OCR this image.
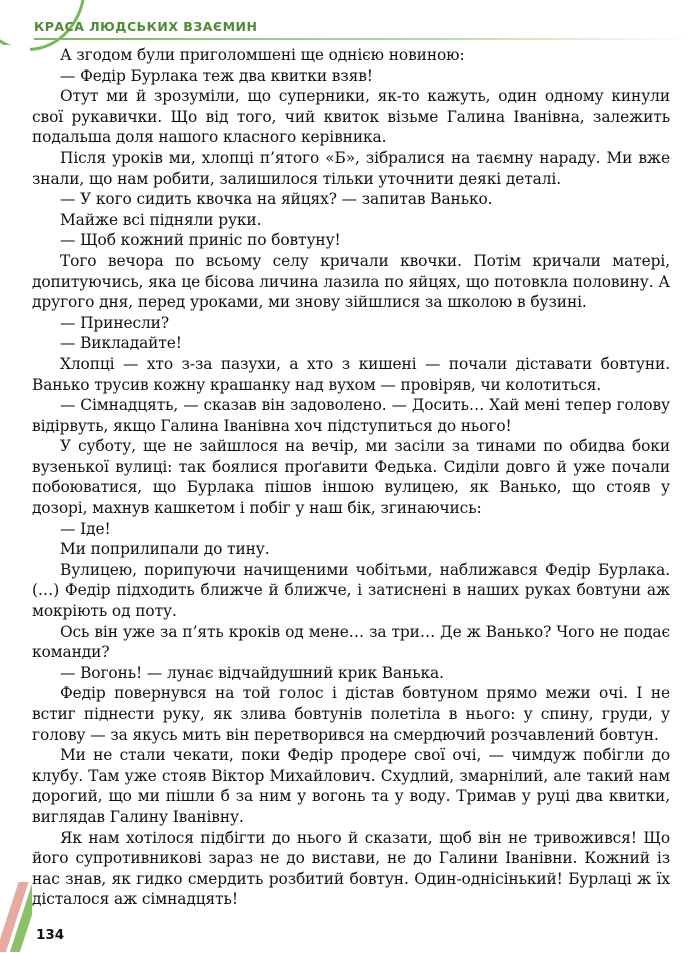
КРАСА ЛЮДСЬКИХ ВЗАЄМИН

А згодом були приголомшені ще однією новиною:

— Федір Бурлака теж два квитки взяв!

Отут ми й зрозуміли, що суперники, як-то кажуть, один одному кинули свої рукавички. Що від того, чий квиток візьме Галина Іванівна, залежить подальша доля нашого класного керівника.

Після уроків ми, хлопці п’ятого «Б», зібралися на таємну нараду. Ми вже знали, що нам робити, залишилося тільки уточнити деякі деталі.

— У кого сидить квочка на яйцях? — запитав Ванько.

Майже всі підняли руки.

— Щоб кожний приніс по бовтуну!

Того вечора по всьому селу кричали квочки. Потім кричали матері, допитуючись, яка це бісова личина лазила по яйцях, що потовкла половину. А другого дня, перед уроками, ми знову зійшлися за школою в бузині.

— Принесли?

— Викладайте!

Хлопці — хто з-за пазухи, а хто з кишені — почали діставати бовтуни. Ванько трусив кожну крашанку над вухом — провіряв, чи колотиться.

— Сімнадцять, — сказав він задоволено. — Досить… Хай мені тепер голову відірвуть, якщо Галина Іванівна хоч підступиться до нього!

У суботу, ще не зайшлося на вечір, ми засіли за тинами по обидва боки вузенької вулиці: так боялися проґавити Федька. Сиділи довго й уже почали побоюватися, що Бурлака пішов іншою вулицею, як Ванько, що стояв у дозорі, махнув кашкетом і побіг у наш бік, згинаючись:

— Іде!

Ми поприлипали до тину.

Вулицею, порипуючи начищеними чобітьми, наближався Федір Бурлака. (…) Федір підходить ближче й ближче, і затиснені в наших руках бовтуни аж мокріють од поту.

Ось він уже за п’ять кроків од мене… за три… Де ж Ванько? Чого не подає команди?

— Вогонь! — лунає відчайдушний крик Ванька.

Федір повернувся на той голос і дістав бовтуном прямо межи очі. І не встиг піднести руку, як злива бовтунів полетіла в нього: у спину, груди, у голову — за якусь мить він перетворився на смердючий розчавлений бовтун.

Ми не стали чекати, поки Федір продере свої очі, — чимдуж побігли до клубу. Там уже стояв Віктор Михайлович. Схудлий, змарнілий, але такий нам дорогий, що ми пішли б за ним у вогонь та у воду. Тримав у руці два квитки, виглядав Галину Іванівну.

Як нам хотілося підбігти до нього й сказати, щоб він не тривожився! Що його супротивникові зараз не до вистави, не до Галини Іванівни. Кожний із нас знав, як гидко смердить розбитий бовтун. Один-однісінький! Бурлаці ж їх дісталося аж сімнадцять!

134
